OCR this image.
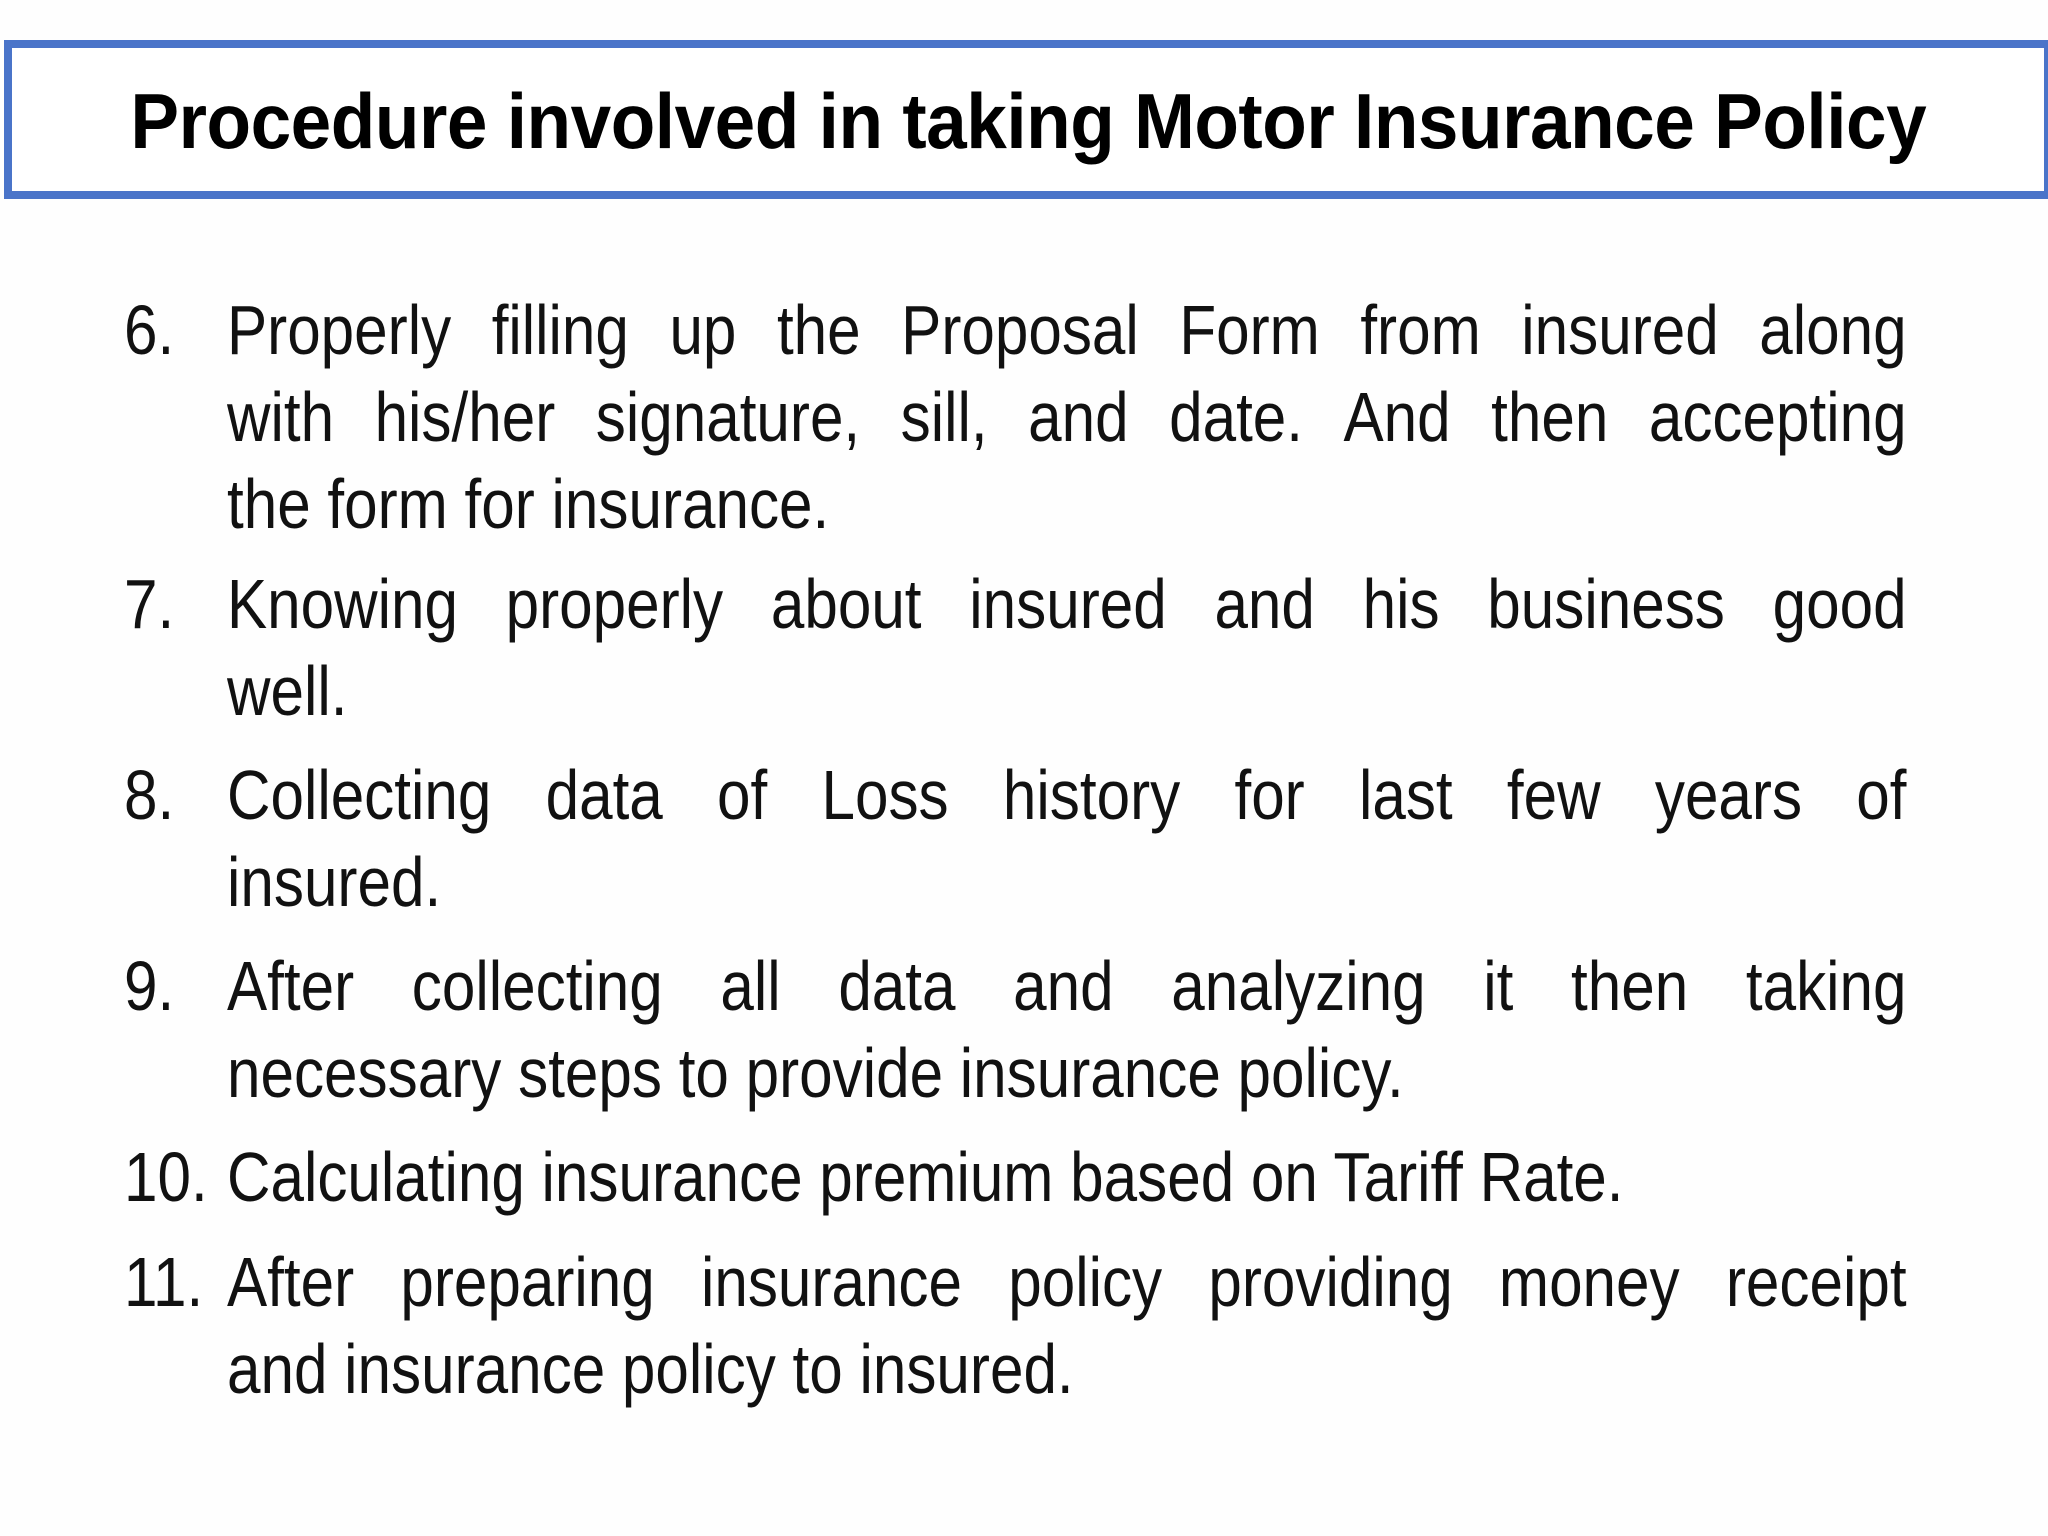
Procedure involved in taking Motor Insurance Policy
6. Properly filling up the Proposal Form from insured along
with his/her signature, sill, and date. And then accepting
the form for insurance.
7. Knowing properly about insured and his business good
well.
8. Collecting data of Loss history for last few years of
insured.
9. After collecting all data and analyzing it then taking
necessary steps to provide insurance policy.
10. Calculating insurance premium based on Tariff Rate.
11. After preparing insurance policy providing money receipt
and insurance policy to insured.
